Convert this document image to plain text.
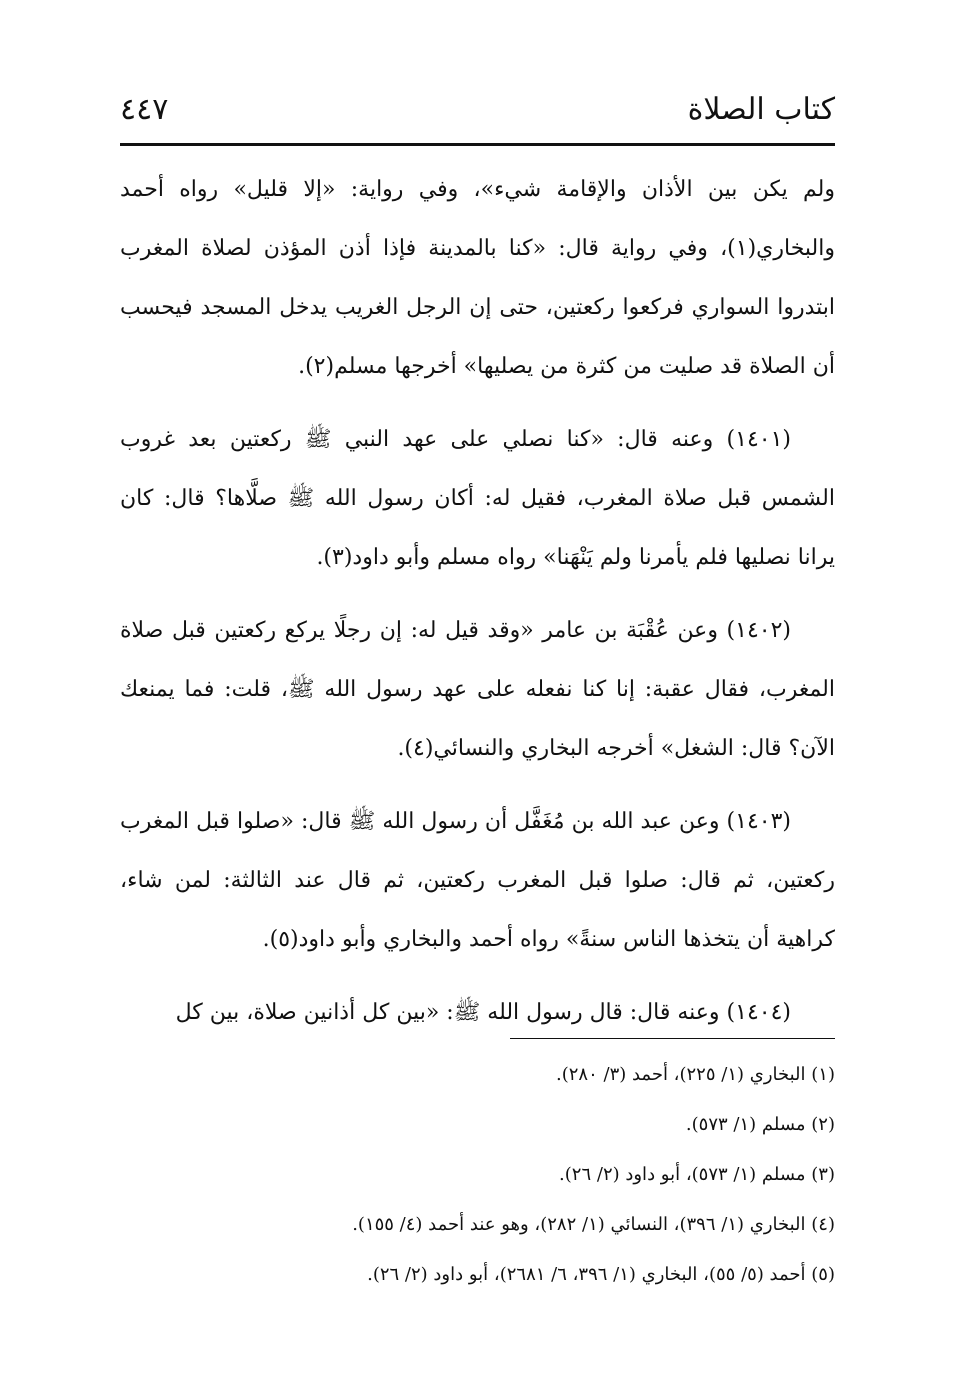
كتاب الصلاة
٤٤٧

ولم يكن بين الأذان والإقامة شيء»، وفي رواية: «إلا قليل» رواه أحمد والبخاري(١)، وفي رواية قال: «كنا بالمدينة فإذا أذن المؤذن لصلاة المغرب ابتدروا السواري فركعوا ركعتين، حتى إن الرجل الغريب يدخل المسجد فيحسب أن الصلاة قد صليت من كثرة من يصليها» أخرجها مسلم(٢).

(١٤٠١) وعنه قال: «كنا نصلي على عهد النبي ﷺ ركعتين بعد غروب الشمس قبل صلاة المغرب، فقيل له: أكان رسول الله ﷺ صلَّاها؟ قال: كان يرانا نصليها فلم يأمرنا ولم يَنْهَنا» رواه مسلم وأبو داود(٣).

(١٤٠٢) وعن عُقْبَة بن عامر «وقد قيل له: إن رجلًا يركع ركعتين قبل صلاة المغرب، فقال عقبة: إنا كنا نفعله على عهد رسول الله ﷺ، قلت: فما يمنعك الآن؟ قال: الشغل» أخرجه البخاري والنسائي(٤).

(١٤٠٣) وعن عبد الله بن مُغَفَّل أن رسول الله ﷺ قال: «صلوا قبل المغرب ركعتين، ثم قال: صلوا قبل المغرب ركعتين، ثم قال عند الثالثة: لمن شاء، كراهية أن يتخذها الناس سنةً» رواه أحمد والبخاري وأبو داود(٥).

(١٤٠٤) وعنه قال: قال رسول الله ﷺ: «بين كل أذانين صلاة، بين كل

(١) البخاري (١/ ٢٢٥)، أحمد (٣/ ٢٨٠).
(٢) مسلم (١/ ٥٧٣).
(٣) مسلم (١/ ٥٧٣)، أبو داود (٢/ ٢٦).
(٤) البخاري (١/ ٣٩٦)، النسائي (١/ ٢٨٢)، وهو عند أحمد (٤/ ١٥٥).
(٥) أحمد (٥/ ٥٥)، البخاري (١/ ٣٩٦، ٦/ ٢٦٨١)، أبو داود (٢/ ٢٦).
